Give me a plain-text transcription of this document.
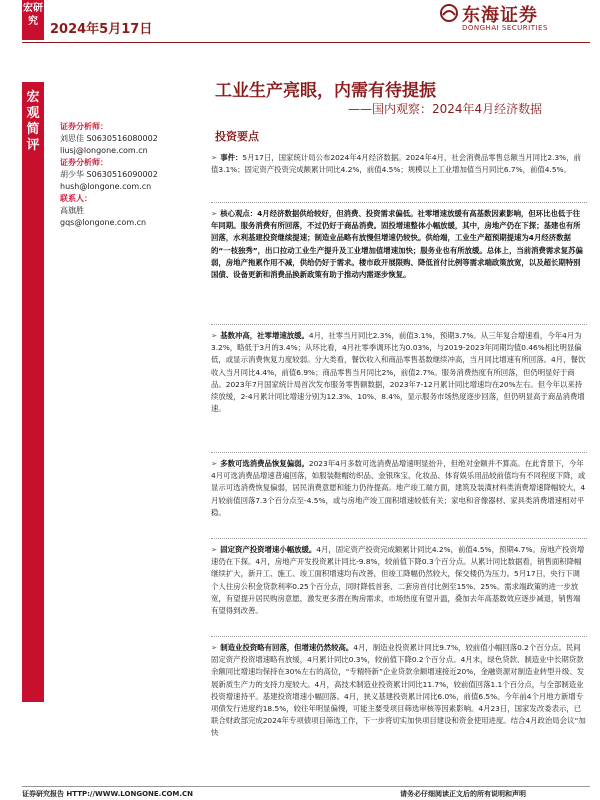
宏研究
2024年5月17日
东海证券
DONGHAI SECURITIES
宏观简评
工业生产亮眼，内需有待提振
——国内观察：2024年4月经济数据
证券分析师：
刘思佳 S0630516080002
liusj@longone.com.cn
证券分析师：
胡少华 S0630516090002
hush@longone.com.cn
联系人：
高旗胜
gqs@longone.com.cn
投资要点
➢ 事件：5月17日，国家统计局公布2024年4月经济数据。2024年4月，社会消费品零售总额当月同比2.3%，前值3.1%；固定资产投资完成额累计同比4.2%，前值4.5%；规模以上工业增加值当月同比6.7%，前值4.5%。
➢ 核心观点：4月经济数据供给较好，但消费、投资需求偏低。社零增速放缓有高基数因素影响，但环比也低于往年同期。服务消费有所回落，不过仍好于商品消费。固投增速整体小幅放缓，其中，房地产仍在下探；基建也有所回落，水利基建投资继续提速；制造业品略有放慢但增速仍较快。供给端，工业生产超预期提速为4月经济数据的“一枝独秀”，出口拉动工业生产提升及工业增加值增速加快；服务业也有所放缓。总体上，当前消费需求复苏偏弱，房地产拖累作用不减，供给仍好于需求。楼市政开展限购、降低首付比例等需求端政策放宽，以及超长期特别国债、设备更新和消费品换新政策有助于推动内需逐步恢复。
➢ 基数冲高，社零增速放缓。4月，社零当月同比2.3%，前值3.1%，预期3.7%。从三年复合增速看，今年4月为3.2%，略低于3月的3.4%；从环比看，4月社零季调环比为0.03%，与2019-2023年同期均值0.46%相比明显偏低，或显示消费恢复力度较弱。分大类看，餐饮收入和商品零售基数继续冲高，当月同比增速有所回落。4月，餐饮收入当月同比4.4%，前值6.9%；商品零售当月同比2%，前值2.7%。服务消费热度有所回落，但仍明显好于商品。2023年7月国家统计局首次发布服务零售额数据，2023年7-12月累计同比增速均在20%左右。但今年以来持续放缓，2-4月累计同比增速分别为12.3%、10%、8.4%，显示服务市场热度逐步回落，但仍明显高于商品消费增速。
➢ 多数可选消费品恢复偏弱。2023年4月多数可选消费品增速明显抬升，但绝对金额并不算高。在此背景下，今年4月可选消费品增速普遍回落，如服装鞋帽纺织品、金银珠宝、化妆品、体育娱乐用品较前值均有不同程度下降，或显示可选消费恢复偏弱，居民消费意愿和能力仍待提高。地产竣工端方面，建筑及装潢材料类消费增速降幅较大，4月较前值回落7.3个百分点至-4.5%，或与房地产竣工面积增速较低有关；家电和音像器材、家具类消费增速相对平稳。
➢ 固定资产投资增速小幅放缓。4月，固定资产投资完成额累计同比4.2%，前值4.5%，预期4.7%。房地产投资增速仍在下探。4月，房地产开发投资累计同比-9.8%，较前值下降0.3个百分点。从累计同比数据看，销售面积降幅继续扩大，新开工、施工、竣工面积增速均有改善，但竣工降幅仍然较大，保交楼仍为压力。5月17日，央行下调个人住房公积金贷款利率0.25个百分点，同时降低首套、二套房首付比例至15%、25%。需求端政策的进一步放宽，有望提升居民购房意愿，激发更多潜在购房需求，市场热度有望升温，叠加去年高基数效应逐步减退，销售端有望得到改善。
➢ 制造业投资略有回落，但增速仍然较高。4月，制造业投资累计同比9.7%，较前值小幅回落0.2个百分点。民间固定资产投资增速略有放缓，4月累计同比0.3%，较前值下降0.2个百分点。4月末，绿色贷款、制造业中长期贷款余额同比增速均保持在30%左右的高位，“专精特新”企业贷款余额增速接近20%，金融资源对制造业转型升级、发展新质生产力的支持力度较大。4月，高技术制造业投资累计同比11.7%，较前值回落1.1个百分点，与全部制造业投资增速持平。基建投资增速小幅回落。4月，狭义基建投资累计同比6.0%，前值6.5%。今年前4个月地方新增专项债发行进度约18.5%，较往年明显偏慢，可能主要受项目筛选审核等因素影响。4月23日，国家发改委表示，已联合财政部完成2024年专项债项目筛选工作，下一步将切实加快项目建设和资金使用进度。结合4月政治局会议“加快
证券研究报告 HTTP://WWW.LONGONE.COM.CN	请务必仔细阅读正文后的所有说明和声明
